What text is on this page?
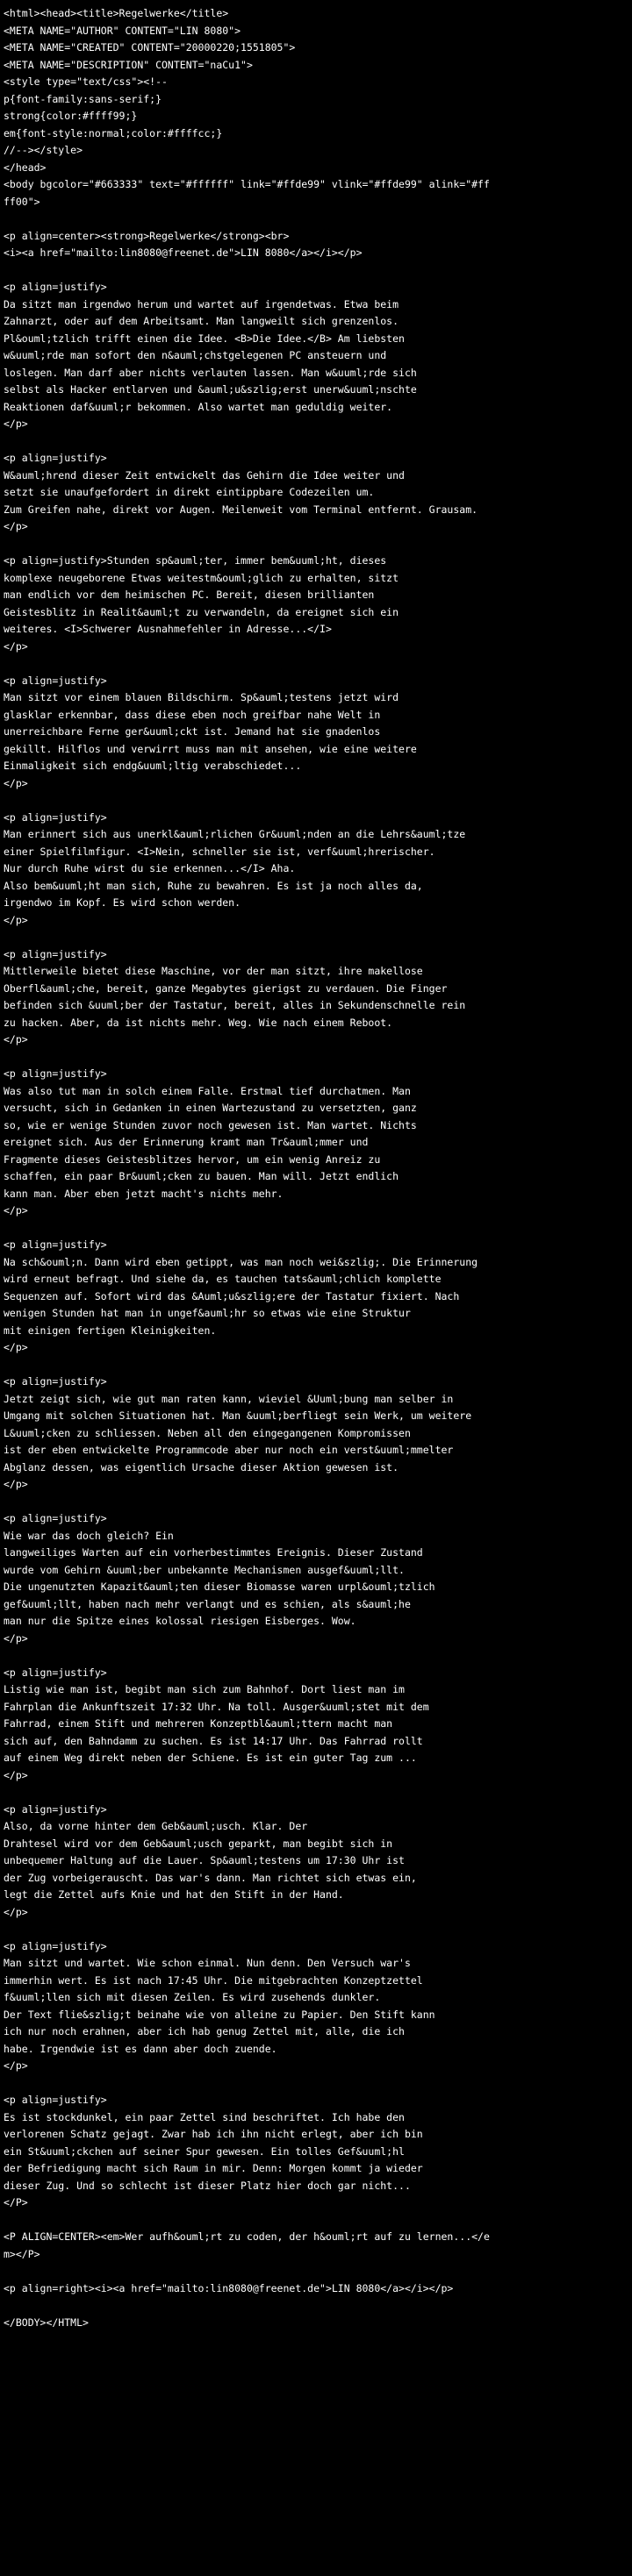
<html><head><title>Regelwerke</title>
<META NAME="AUTHOR" CONTENT="LIN 8080">
<META NAME="CREATED" CONTENT="20000220;1551805">
<META NAME="DESCRIPTION" CONTENT="naCu1">
<style type="text/css"><!--
p{font-family:sans-serif;}
strong{color:#ffff99;}
em{font-style:normal;color:#ffffcc;}
//--></style>
</head>
<body bgcolor="#663333" text="#ffffff" link="#ffde99" vlink="#ffde99" alink="#ff
ff00">
<p align=center><strong>Regelwerke</strong><br>
<i><a href="mailto:lin8080@freenet.de">LIN 8080</a></i></p>
<p align=justify>
Da sitzt man irgendwo herum und wartet auf irgendetwas. Etwa beim
Zahnarzt, oder auf dem Arbeitsamt. Man langweilt sich grenzenlos.
Pl&ouml;tzlich trifft einen die Idee. <B>Die Idee.</B> Am liebsten
w&uuml;rde man sofort den n&auml;chstgelegenen PC ansteuern und
loslegen. Man darf aber nichts verlauten lassen. Man w&uuml;rde sich
selbst als Hacker entlarven und &auml;u&szlig;erst unerw&uuml;nschte
Reaktionen daf&uuml;r bekommen. Also wartet man geduldig weiter.
</p>
<p align=justify>
W&auml;hrend dieser Zeit entwickelt das Gehirn die Idee weiter und
setzt sie unaufgefordert in direkt eintippbare Codezeilen um.
Zum Greifen nahe, direkt vor Augen. Meilenweit vom Terminal entfernt. Grausam.
</p>
<p align=justify>Stunden sp&auml;ter, immer bem&uuml;ht, dieses
komplexe neugeborene Etwas weitestm&ouml;glich zu erhalten, sitzt
man endlich vor dem heimischen PC. Bereit, diesen brillianten
Geistesblitz in Realit&auml;t zu verwandeln, da ereignet sich ein
weiteres. <I>Schwerer Ausnahmefehler in Adresse...</I>
</p>
<p align=justify>
Man sitzt vor einem blauen Bildschirm. Sp&auml;testens jetzt wird
glasklar erkennbar, dass diese eben noch greifbar nahe Welt in
unerreichbare Ferne ger&uuml;ckt ist. Jemand hat sie gnadenlos
gekillt. Hilflos und verwirrt muss man mit ansehen, wie eine weitere
Einmaligkeit sich endg&uuml;ltig verabschiedet...
</p>
<p align=justify>
Man erinnert sich aus unerkl&auml;rlichen Gr&uuml;nden an die Lehrs&auml;tze
einer Spielfilmfigur. <I>Nein, schneller sie ist, verf&uuml;hrerischer.
Nur durch Ruhe wirst du sie erkennen...</I> Aha.
Also bem&uuml;ht man sich, Ruhe zu bewahren. Es ist ja noch alles da,
irgendwo im Kopf. Es wird schon werden.
</p>
<p align=justify>
Mittlerweile bietet diese Maschine, vor der man sitzt, ihre makellose
Oberfl&auml;che, bereit, ganze Megabytes gierigst zu verdauen. Die Finger
befinden sich &uuml;ber der Tastatur, bereit, alles in Sekundenschnelle rein
zu hacken. Aber, da ist nichts mehr. Weg. Wie nach einem Reboot.
</p>
<p align=justify>
Was also tut man in solch einem Falle. Erstmal tief durchatmen. Man
versucht, sich in Gedanken in einen Wartezustand zu versetzten, ganz
so, wie er wenige Stunden zuvor noch gewesen ist. Man wartet. Nichts
ereignet sich. Aus der Erinnerung kramt man Tr&auml;mmer und
Fragmente dieses Geistesblitzes hervor, um ein wenig Anreiz zu
schaffen, ein paar Br&uuml;cken zu bauen. Man will. Jetzt endlich
kann man. Aber eben jetzt macht's nichts mehr.
</p>
<p align=justify>
Na sch&ouml;n. Dann wird eben getippt, was man noch wei&szlig;. Die Erinnerung
wird erneut befragt. Und siehe da, es tauchen tats&auml;chlich komplette
Sequenzen auf. Sofort wird das &Auml;u&szlig;ere der Tastatur fixiert. Nach
wenigen Stunden hat man in ungef&auml;hr so etwas wie eine Struktur
mit einigen fertigen Kleinigkeiten.
</p>
<p align=justify>
Jetzt zeigt sich, wie gut man raten kann, wieviel &Uuml;bung man selber in
Umgang mit solchen Situationen hat. Man &uuml;berfliegt sein Werk, um weitere
L&uuml;cken zu schliessen. Neben all den eingegangenen Kompromissen
ist der eben entwickelte Programmcode aber nur noch ein verst&uuml;mmelter
Abglanz dessen, was eigentlich Ursache dieser Aktion gewesen ist.
</p>
<p align=justify>
Wie war das doch gleich? Ein
langweiliges Warten auf ein vorherbestimmtes Ereignis. Dieser Zustand
wurde vom Gehirn &uuml;ber unbekannte Mechanismen ausgef&uuml;llt.
Die ungenutzten Kapazit&auml;ten dieser Biomasse waren urpl&ouml;tzlich
gef&uuml;llt, haben nach mehr verlangt und es schien, als s&auml;he
man nur die Spitze eines kolossal riesigen Eisberges. Wow.
</p>
<p align=justify>
Listig wie man ist, begibt man sich zum Bahnhof. Dort liest man im
Fahrplan die Ankunftszeit 17:32 Uhr. Na toll. Ausger&uuml;stet mit dem
Fahrrad, einem Stift und mehreren Konzeptbl&auml;ttern macht man
sich auf, den Bahndamm zu suchen. Es ist 14:17 Uhr. Das Fahrrad rollt
auf einem Weg direkt neben der Schiene. Es ist ein guter Tag zum ...
</p>
<p align=justify>
Also, da vorne hinter dem Geb&auml;usch. Klar. Der
Drahtesel wird vor dem Geb&auml;usch geparkt, man begibt sich in
unbequemer Haltung auf die Lauer. Sp&auml;testens um 17:30 Uhr ist
der Zug vorbeigerauscht. Das war's dann. Man richtet sich etwas ein,
legt die Zettel aufs Knie und hat den Stift in der Hand.
</p>
<p align=justify>
Man sitzt und wartet. Wie schon einmal. Nun denn. Den Versuch war's
immerhin wert. Es ist nach 17:45 Uhr. Die mitgebrachten Konzeptzettel
f&uuml;llen sich mit diesen Zeilen. Es wird zusehends dunkler.
Der Text flie&szlig;t beinahe wie von alleine zu Papier. Den Stift kann
ich nur noch erahnen, aber ich hab genug Zettel mit, alle, die ich
habe. Irgendwie ist es dann aber doch zuende.
</p>
<p align=justify>
Es ist stockdunkel, ein paar Zettel sind beschriftet. Ich habe den
verlorenen Schatz gejagt. Zwar hab ich ihn nicht erlegt, aber ich bin
ein St&uuml;ckchen auf seiner Spur gewesen. Ein tolles Gef&uuml;hl
der Befriedigung macht sich Raum in mir. Denn: Morgen kommt ja wieder
dieser Zug. Und so schlecht ist dieser Platz hier doch gar nicht...
</P>
<P ALIGN=CENTER><em>Wer aufh&ouml;rt zu coden, der h&ouml;rt auf zu lernen...</e
m></P>
<p align=right><i><a href="mailto:lin8080@freenet.de">LIN 8080</a></i></p>
</BODY></HTML>
